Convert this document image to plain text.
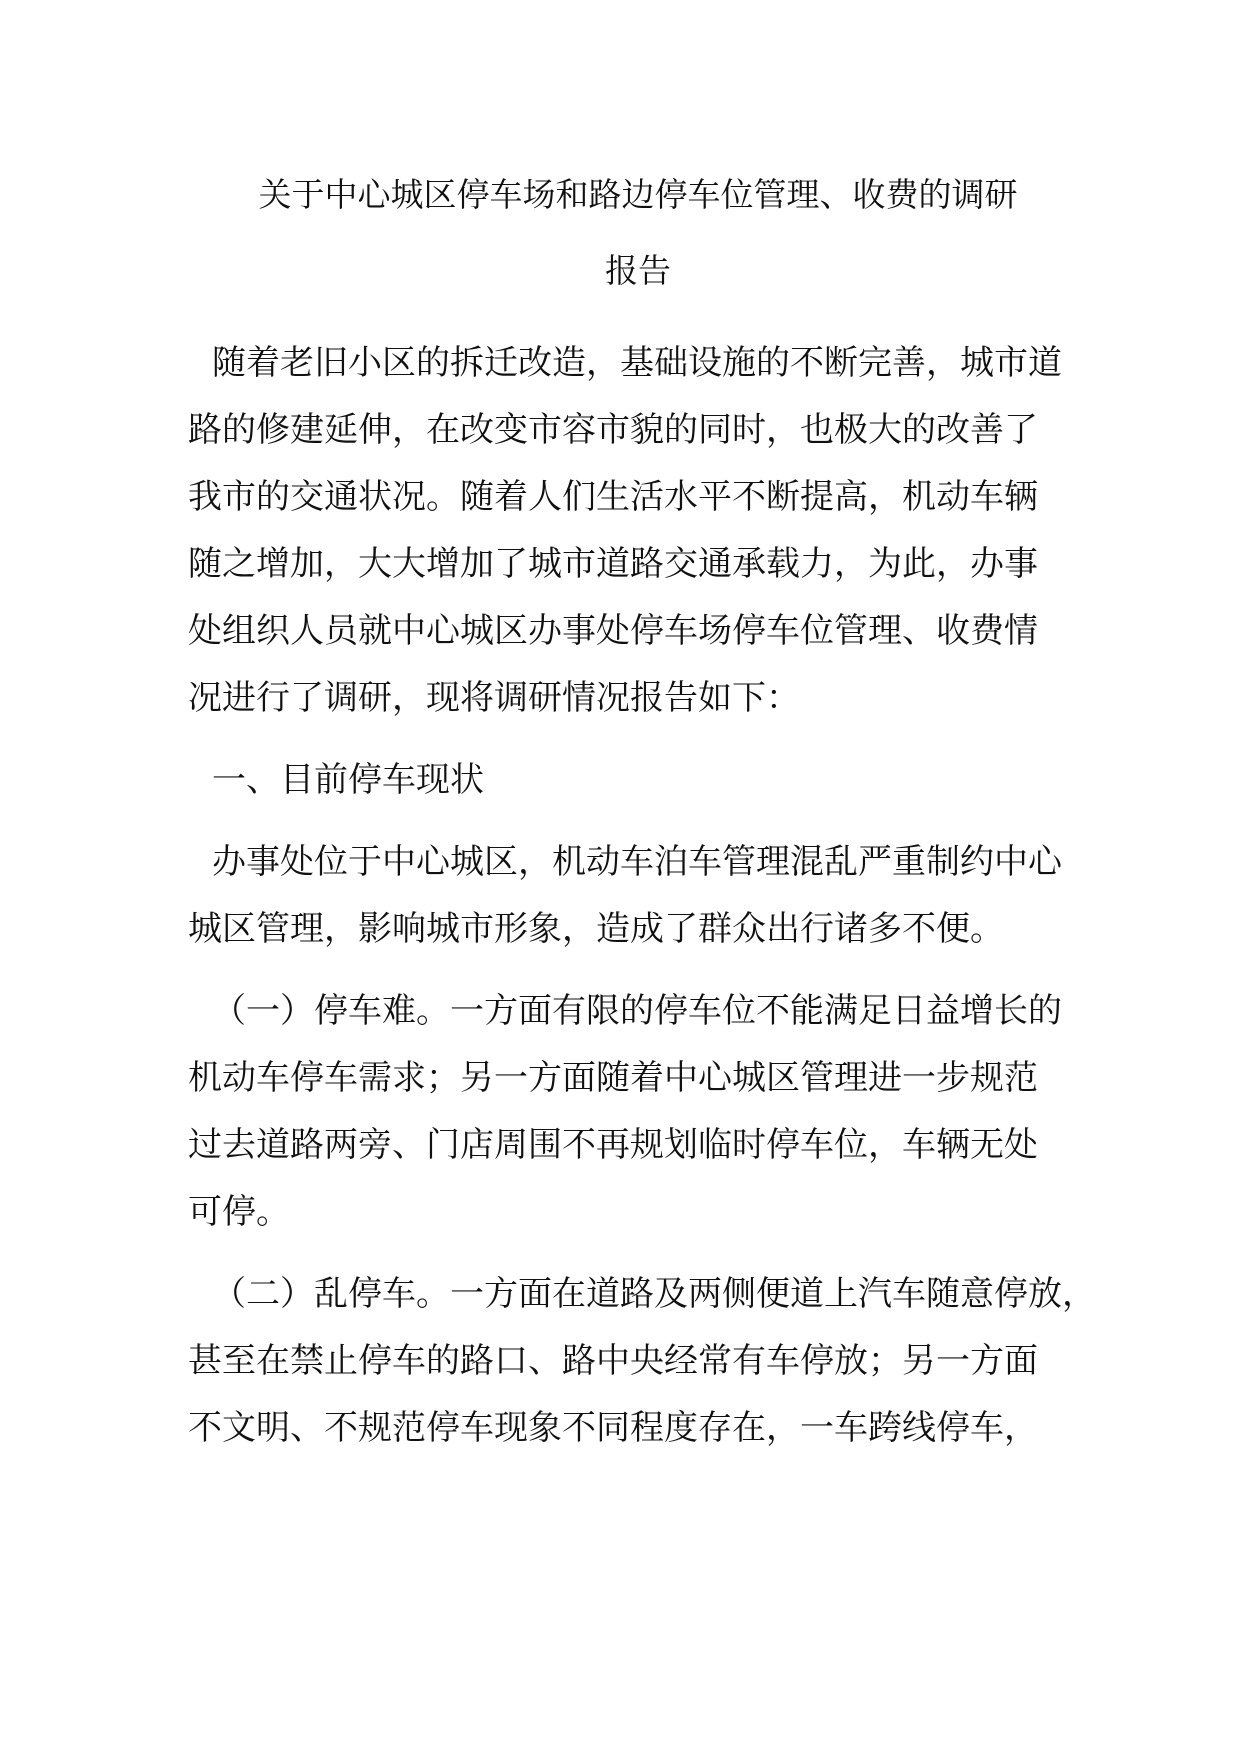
关于中心城区停车场和路边停车位管理、收费的调研
报告

随着老旧小区的拆迁改造，基础设施的不断完善，城市道

路的修建延伸，在改变市容市貌的同时，也极大的改善了

我市的交通状况。随着人们生活水平不断提高，机动车辆

随之增加，大大增加了城市道路交通承载力，为此，办事

处组织人员就中心城区办事处停车场停车位管理、收费情

况进行了调研，现将调研情况报告如下：

一、目前停车现状

办事处位于中心城区，机动车泊车管理混乱严重制约中心

城区管理，影响城市形象，造成了群众出行诸多不便。

（一）停车难。一方面有限的停车位不能满足日益增长的

机动车停车需求；另一方面随着中心城区管理进一步规范

过去道路两旁、门店周围不再规划临时停车位，车辆无处

可停。

（二）乱停车。一方面在道路及两侧便道上汽车随意停放，

甚至在禁止停车的路口、路中央经常有车停放；另一方面

不文明、不规范停车现象不同程度存在，一车跨线停车，
